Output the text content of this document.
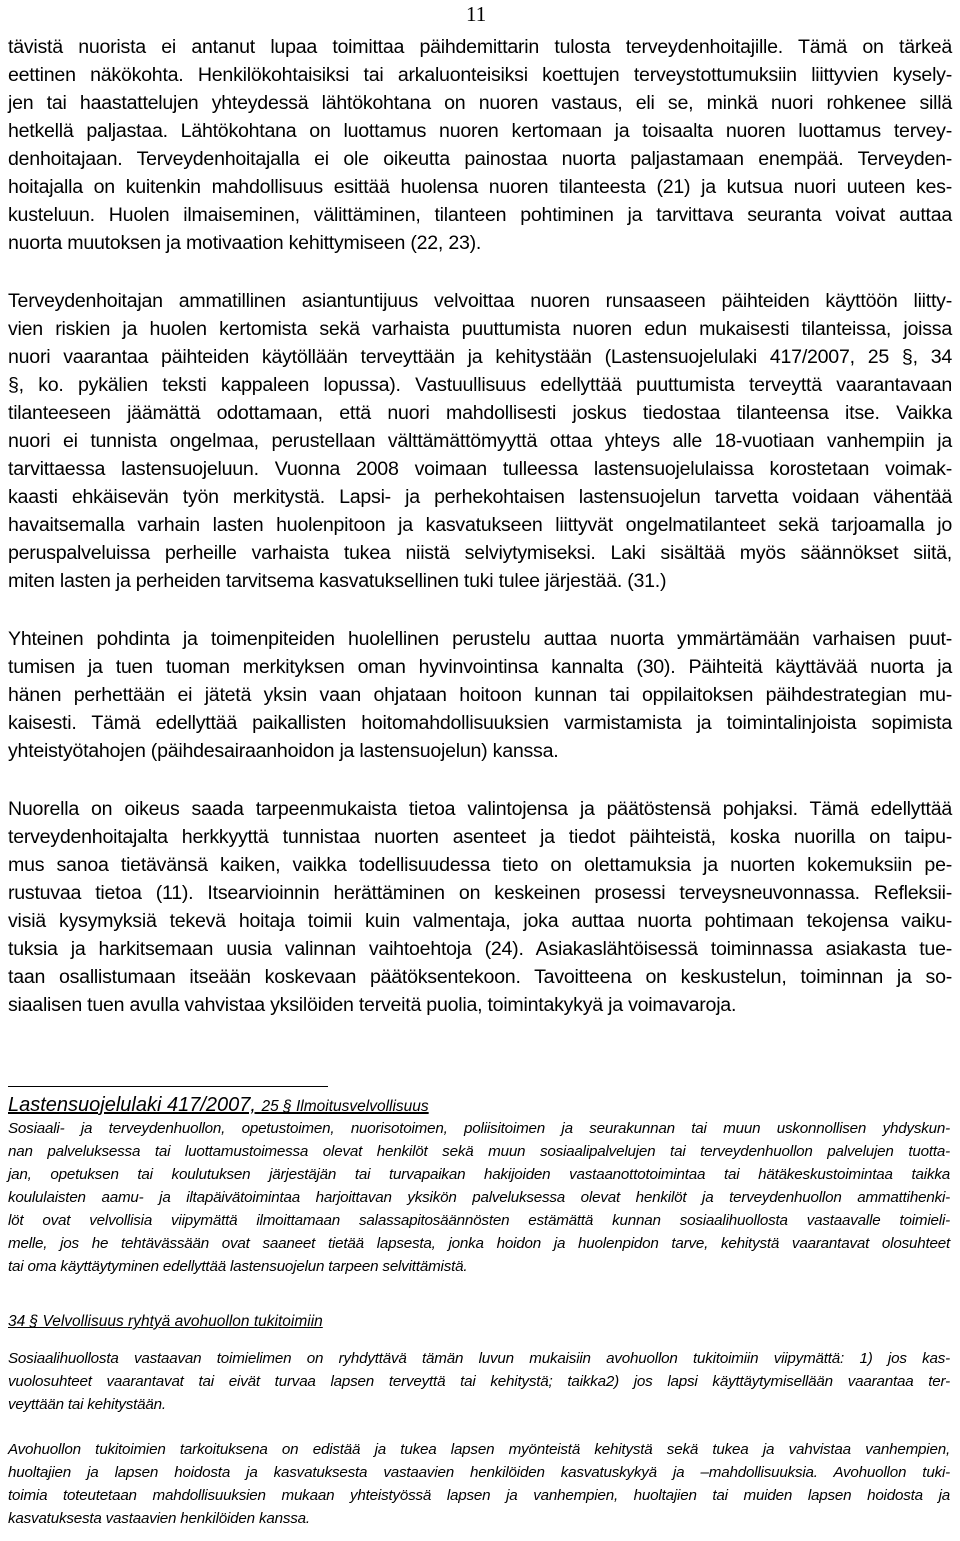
11
tävistä nuorista ei antanut lupaa toimittaa päihdemittarin tulosta terveydenhoitajille. Tämä on tärkeä
eettinen näkökohta. Henkilökohtaisiksi tai arkaluonteisiksi koettujen terveystottumuksiin liittyvien kysely-
jen tai haastattelujen yhteydessä lähtökohtana on nuoren vastaus, eli se, minkä nuori rohkenee sillä
hetkellä paljastaa. Lähtökohtana on luottamus nuoren kertomaan ja toisaalta nuoren luottamus tervey-
denhoitajaan. Terveydenhoitajalla ei ole oikeutta painostaa nuorta paljastamaan enempää. Terveyden-
hoitajalla on kuitenkin mahdollisuus esittää huolensa nuoren tilanteesta (21) ja kutsua nuori uuteen kes-
kusteluun. Huolen ilmaiseminen, välittäminen, tilanteen pohtiminen ja tarvittava seuranta voivat auttaa
nuorta muutoksen ja motivaation kehittymiseen (22, 23).
Terveydenhoitajan ammatillinen asiantuntijuus velvoittaa nuoren runsaaseen päihteiden käyttöön liitty-
vien riskien ja huolen kertomista sekä varhaista puuttumista nuoren edun mukaisesti tilanteissa, joissa
nuori vaarantaa päihteiden käytöllään terveyttään ja kehitystään (Lastensuojelulaki 417/2007, 25 §, 34
§, ko. pykälien teksti kappaleen lopussa). Vastuullisuus edellyttää puuttumista terveyttä vaarantavaan
tilanteeseen jäämättä odottamaan, että nuori mahdollisesti joskus tiedostaa tilanteensa itse. Vaikka
nuori ei tunnista ongelmaa, perustellaan välttämättömyyttä ottaa yhteys alle 18-vuotiaan vanhempiin ja
tarvittaessa lastensuojeluun. Vuonna 2008 voimaan tulleessa lastensuojelulaissa korostetaan voimak-
kaasti ehkäisevän työn merkitystä. Lapsi- ja perhekohtaisen lastensuojelun tarvetta voidaan vähentää
havaitsemalla varhain lasten huolenpitoon ja kasvatukseen liittyvät ongelmatilanteet sekä tarjoamalla jo
peruspalveluissa perheille varhaista tukea niistä selviytymiseksi. Laki sisältää myös säännökset siitä,
miten lasten ja perheiden tarvitsema kasvatuksellinen tuki tulee järjestää. (31.)
Yhteinen pohdinta ja toimenpiteiden huolellinen perustelu auttaa nuorta ymmärtämään varhaisen puut-
tumisen ja tuen tuoman merkityksen oman hyvinvointinsa kannalta (30). Päihteitä käyttävää nuorta ja
hänen perhettään ei jätetä yksin vaan ohjataan hoitoon kunnan tai oppilaitoksen päihdestrategian mu-
kaisesti. Tämä edellyttää paikallisten hoitomahdollisuuksien varmistamista ja toimintalinjoista sopimista
yhteistyötahojen (päihdesairaanhoidon ja lastensuojelun) kanssa.
Nuorella on oikeus saada tarpeenmukaista tietoa valintojensa ja päätöstensä pohjaksi. Tämä edellyttää
terveydenhoitajalta herkkyyttä tunnistaa nuorten asenteet ja tiedot päihteistä, koska nuorilla on taipu-
mus sanoa tietävänsä kaiken, vaikka todellisuudessa tieto on olettamuksia ja nuorten kokemuksiin pe-
rustuvaa tietoa (11). Itsearvioinnin herättäminen on keskeinen prosessi terveysneuvonnassa. Refleksii-
visiä kysymyksiä tekevä hoitaja toimii kuin valmentaja, joka auttaa nuorta pohtimaan tekojensa vaiku-
tuksia ja harkitsemaan uusia valinnan vaihtoehtoja (24). Asiakaslähtöisessä toiminnassa asiakasta tue-
taan osallistumaan itseään koskevaan päätöksentekoon. Tavoitteena on keskustelun, toiminnan ja so-
siaalisen tuen avulla vahvistaa yksilöiden terveitä puolia, toimintakykyä ja voimavaroja.
Lastensuojelulaki 417/2007, 25 § Ilmoitusvelvollisuus
Sosiaali- ja terveydenhuollon, opetustoimen, nuorisotoimen, poliisitoimen ja seurakunnan tai muun uskonnollisen yhdyskun-
nan palveluksessa tai luottamustoimessa olevat henkilöt sekä muun sosiaalipalvelujen tai terveydenhuollon palvelujen tuotta-
jan, opetuksen tai koulutuksen järjestäjän tai turvapaikan hakijoiden vastaanottotoimintaa tai hätäkeskustoimintaa taikka
koululaisten aamu- ja iltapäivätoimintaa harjoittavan yksikön palveluksessa olevat henkilöt ja terveydenhuollon ammattihenki-
löt ovat velvollisia viipymättä ilmoittamaan salassapitosäännösten estämättä kunnan sosiaalihuollosta vastaavalle toimieli-
melle, jos he tehtävässään ovat saaneet tietää lapsesta, jonka hoidon ja huolenpidon tarve, kehitystä vaarantavat olosuhteet
tai oma käyttäytyminen edellyttää lastensuojelun tarpeen selvittämistä.
34 § Velvollisuus ryhtyä avohuollon tukitoimiin
Sosiaalihuollosta vastaavan toimielimen on ryhdyttävä tämän luvun mukaisiin avohuollon tukitoimiin viipymättä: 1) jos kas-
vuolosuhteet vaarantavat tai eivät turvaa lapsen terveyttä tai kehitystä; taikka2) jos lapsi käyttäytymisellään vaarantaa ter-
veyttään tai kehitystään.
Avohuollon tukitoimien tarkoituksena on edistää ja tukea lapsen myönteistä kehitystä sekä tukea ja vahvistaa vanhempien,
huoltajien ja lapsen hoidosta ja kasvatuksesta vastaavien henkilöiden kasvatuskykyä ja –mahdollisuuksia. Avohuollon tuki-
toimia toteutetaan mahdollisuuksien mukaan yhteistyössä lapsen ja vanhempien, huoltajien tai muiden lapsen hoidosta ja
kasvatuksesta vastaavien henkilöiden kanssa.
